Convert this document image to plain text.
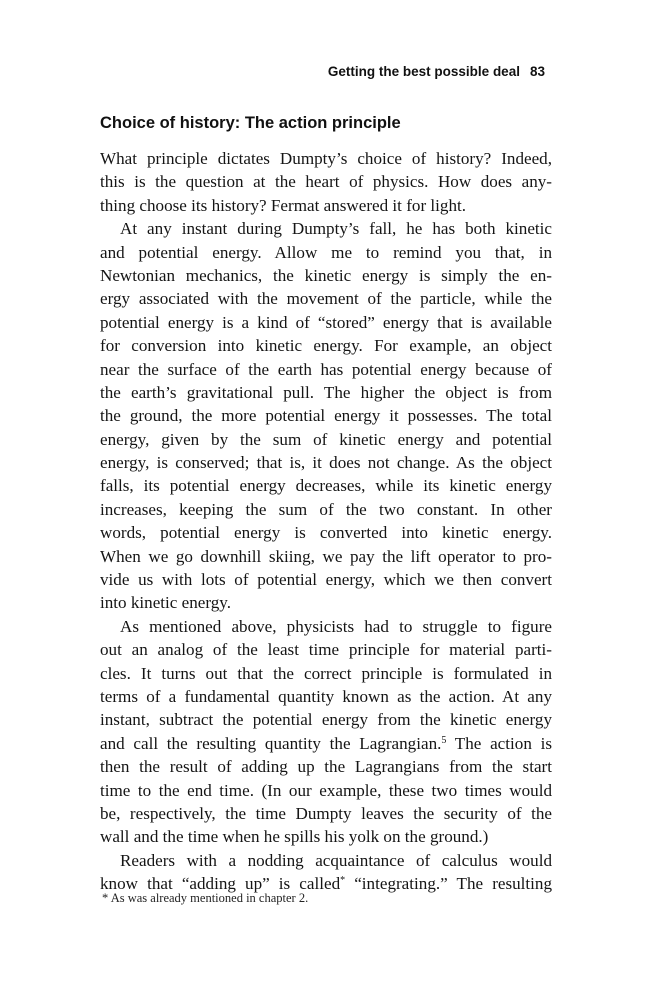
Getting the best possible deal 83
Choice of history: The action principle
What principle dictates Dumpty’s choice of history? Indeed,
this is the question at the heart of physics. How does any-
thing choose its history? Fermat answered it for light.
At any instant during Dumpty’s fall, he has both kinetic
and potential energy. Allow me to remind you that, in
Newtonian mechanics, the kinetic energy is simply the en-
ergy associated with the movement of the particle, while the
potential energy is a kind of “stored” energy that is available
for conversion into kinetic energy. For example, an object
near the surface of the earth has potential energy because of
the earth’s gravitational pull. The higher the object is from
the ground, the more potential energy it possesses. The total
energy, given by the sum of kinetic energy and potential
energy, is conserved; that is, it does not change. As the object
falls, its potential energy decreases, while its kinetic energy
increases, keeping the sum of the two constant. In other
words, potential energy is converted into kinetic energy.
When we go downhill skiing, we pay the lift operator to pro-
vide us with lots of potential energy, which we then convert
into kinetic energy.
As mentioned above, physicists had to struggle to figure
out an analog of the least time principle for material parti-
cles. It turns out that the correct principle is formulated in
terms of a fundamental quantity known as the action. At any
instant, subtract the potential energy from the kinetic energy
and call the resulting quantity the Lagrangian.$^5$ The action is
then the result of adding up the Lagrangians from the start
time to the end time. (In our example, these two times would
be, respectively, the time Dumpty leaves the security of the
wall and the time when he spills his yolk on the ground.)
Readers with a nodding acquaintance of calculus would
know that “adding up” is called* “integrating.” The resulting
* As was already mentioned in chapter 2.
